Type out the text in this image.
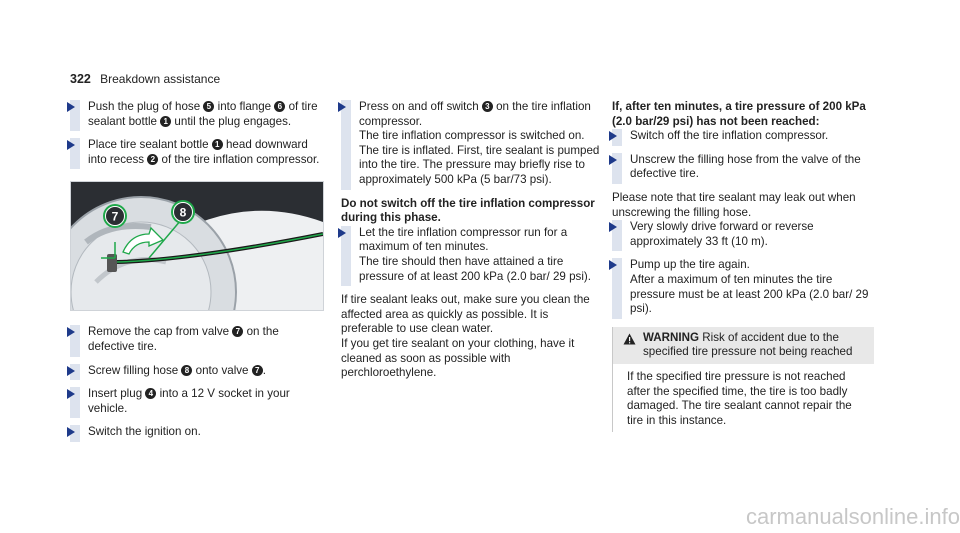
322 Breakdown assistance

Push the plug of hose 5 into flange 6 of tire sealant bottle 1 until the plug engages.

Place tire sealant bottle 1 head downward into recess 2 of the tire inflation compressor.

7	8

Remove the cap from valve 7 on the defective tire.

Screw filling hose 8 onto valve 7 .

Insert plug 4 into a 12 V socket in your vehicle.

Switch the ignition on.

Press on and off switch 3 on the tire inflation compressor.

The tire inflation compressor is switched on. The tire is inflated. First, tire sealant is pumped into the tire. The pressure may briefly rise to approximately 500 kPa (5 bar/73 psi).

Do not switch off the tire inflation compressor during this phase.

Let the tire inflation compressor run for a maximum of ten minutes.

The tire should then have attained a tire pressure of at least 200 kPa (2.0 bar/ 29 psi).

If tire sealant leaks out, make sure you clean the affected area as quickly as possible. It is preferable to use clean water.

If you get tire sealant on your clothing, have it cleaned as soon as possible with perchloroethylene.

If, after ten minutes, a tire pressure of 200 kPa (2.0 bar/29 psi) has not been reached:

Switch off the tire inflation compressor.

Unscrew the filling hose from the valve of the defective tire.

Please note that tire sealant may leak out when unscrewing the filling hose.

Very slowly drive forward or reverse approximately 33 ft (10 m).

Pump up the tire again.

After a maximum of ten minutes the tire pressure must be at least 200 kPa (2.0 bar/ 29 psi).

WARNING Risk of accident due to the specified tire pressure not being reached
If the specified tire pressure is not reached after the specified time, the tire is too badly damaged. The tire sealant cannot repair the tire in this instance.
carmanualsonline.info
